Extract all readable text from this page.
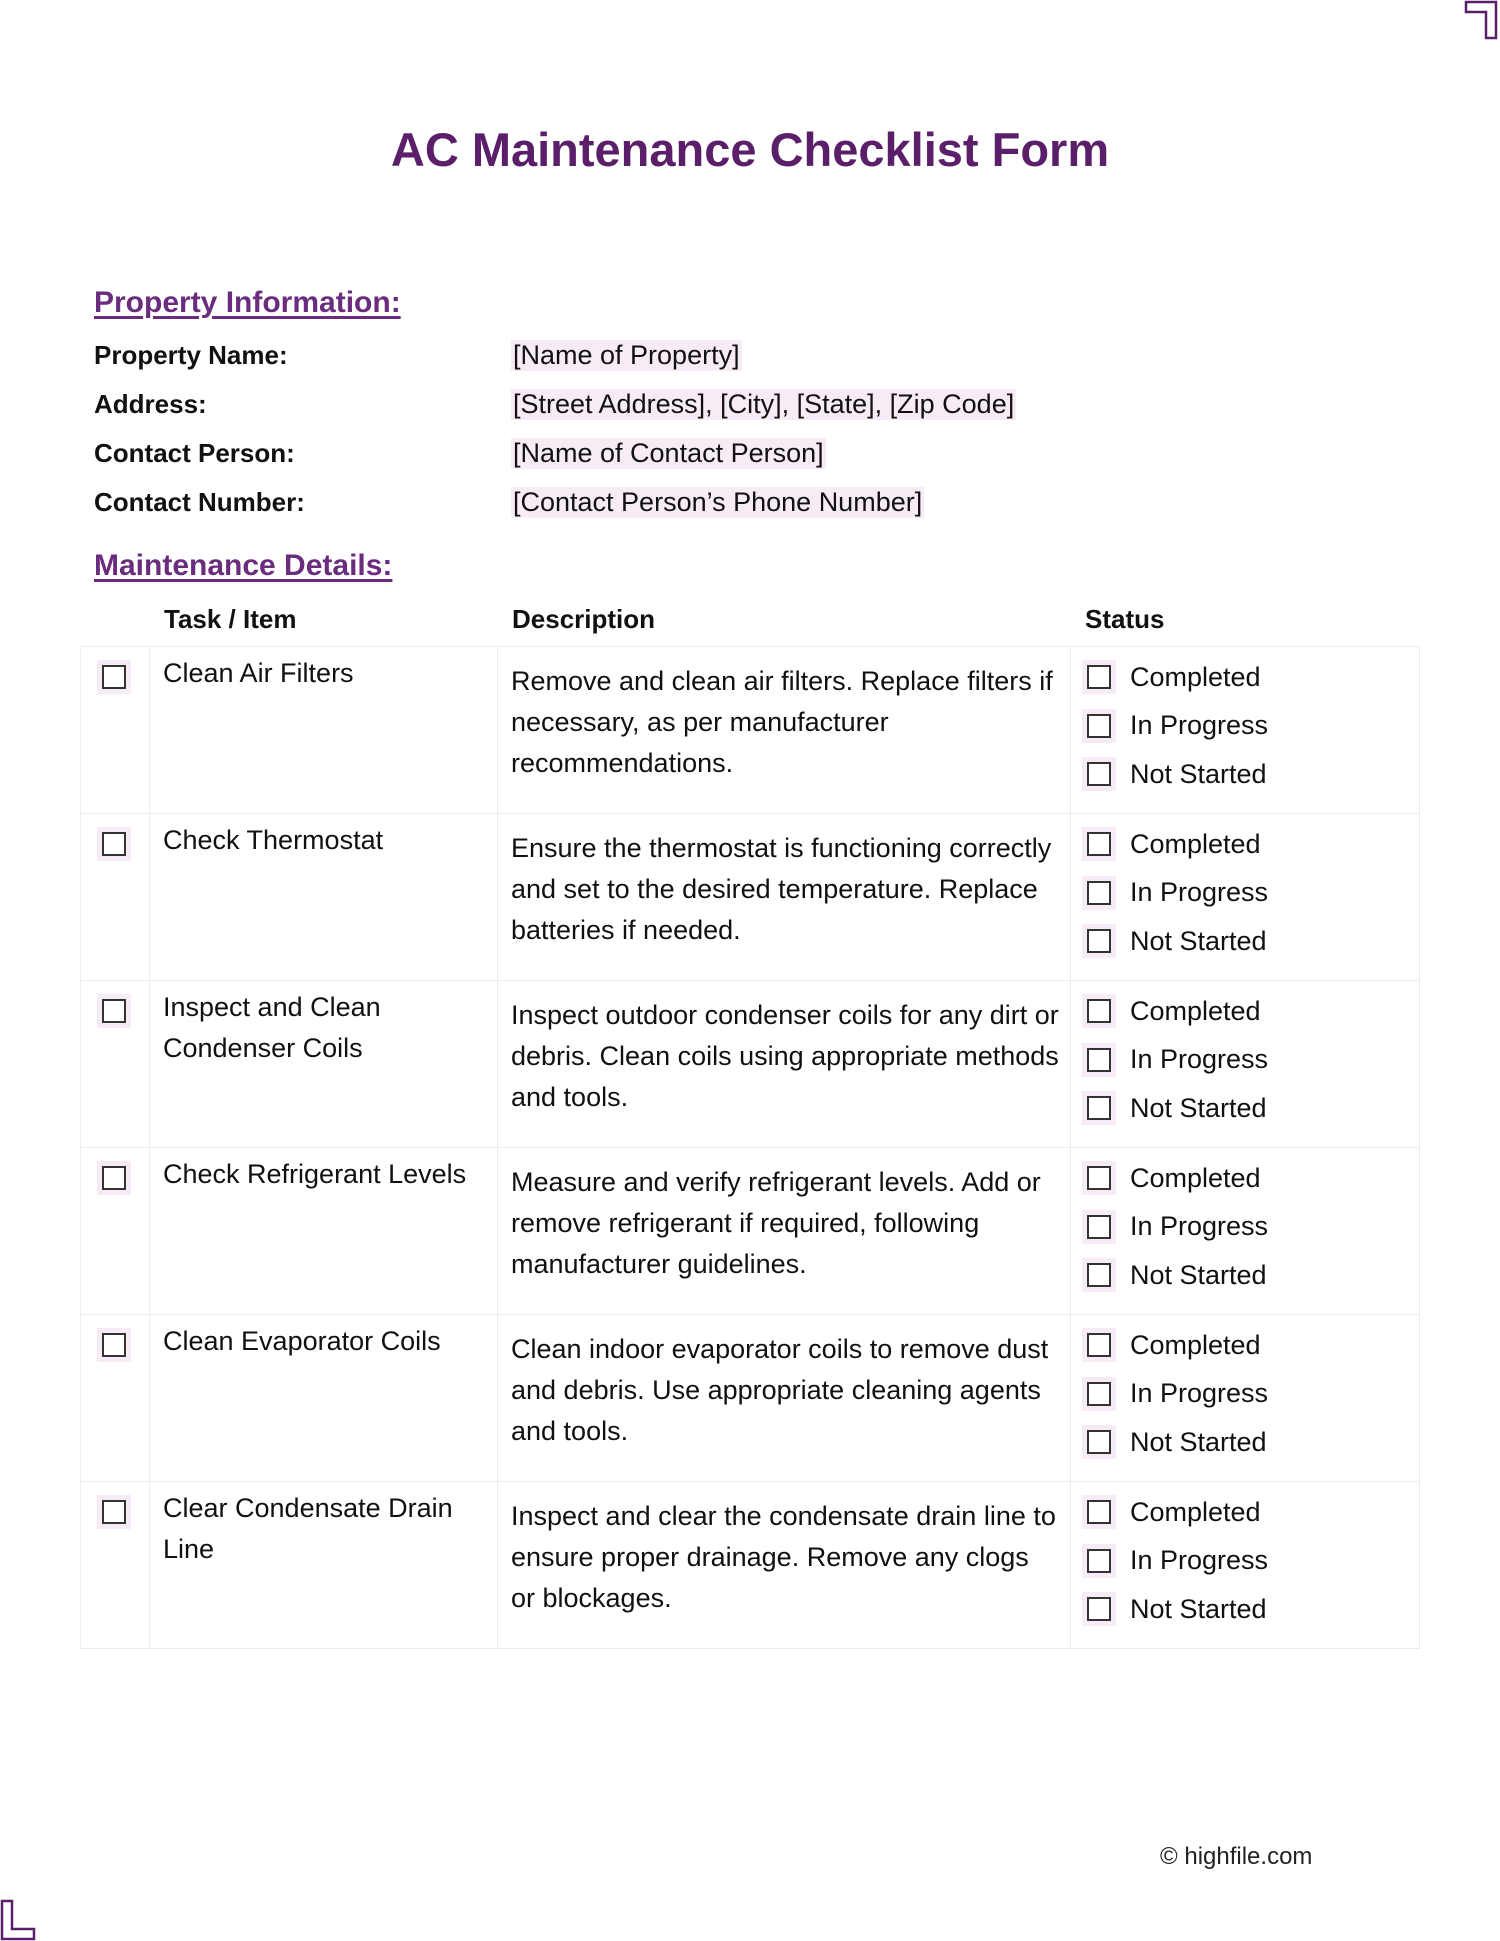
AC Maintenance Checklist Form
Property Information:
Property Name:	[Name of Property]
Address:	[Street Address], [City], [State], [Zip Code]
Contact Person:	[Name of Contact Person]
Contact Number:	[Contact Person’s Phone Number]
Maintenance Details:
Task / Item	Description	Status

	Clean Air Filters	Remove and clean air filters. Replace filters if necessary, as per manufacturer recommendations.	Completed
In Progress
Not Started

	Check Thermostat	Ensure the thermostat is functioning correctly and set to the desired temperature. Replace batteries if needed.	Completed
In Progress
Not Started

	Inspect and Clean Condenser Coils	Inspect outdoor condenser coils for any dirt or debris. Clean coils using appropriate methods and tools.	Completed
In Progress
Not Started

	Check Refrigerant Levels	Measure and verify refrigerant levels. Add or remove refrigerant if required, following manufacturer guidelines.	Completed
In Progress
Not Started

	Clean Evaporator Coils	Clean indoor evaporator coils to remove dust and debris. Use appropriate cleaning agents and tools.	Completed
In Progress
Not Started

	Clear Condensate Drain Line	Inspect and clear the condensate drain line to ensure proper drainage. Remove any clogs or blockages.	Completed
In Progress
Not Started
© highfile.com
